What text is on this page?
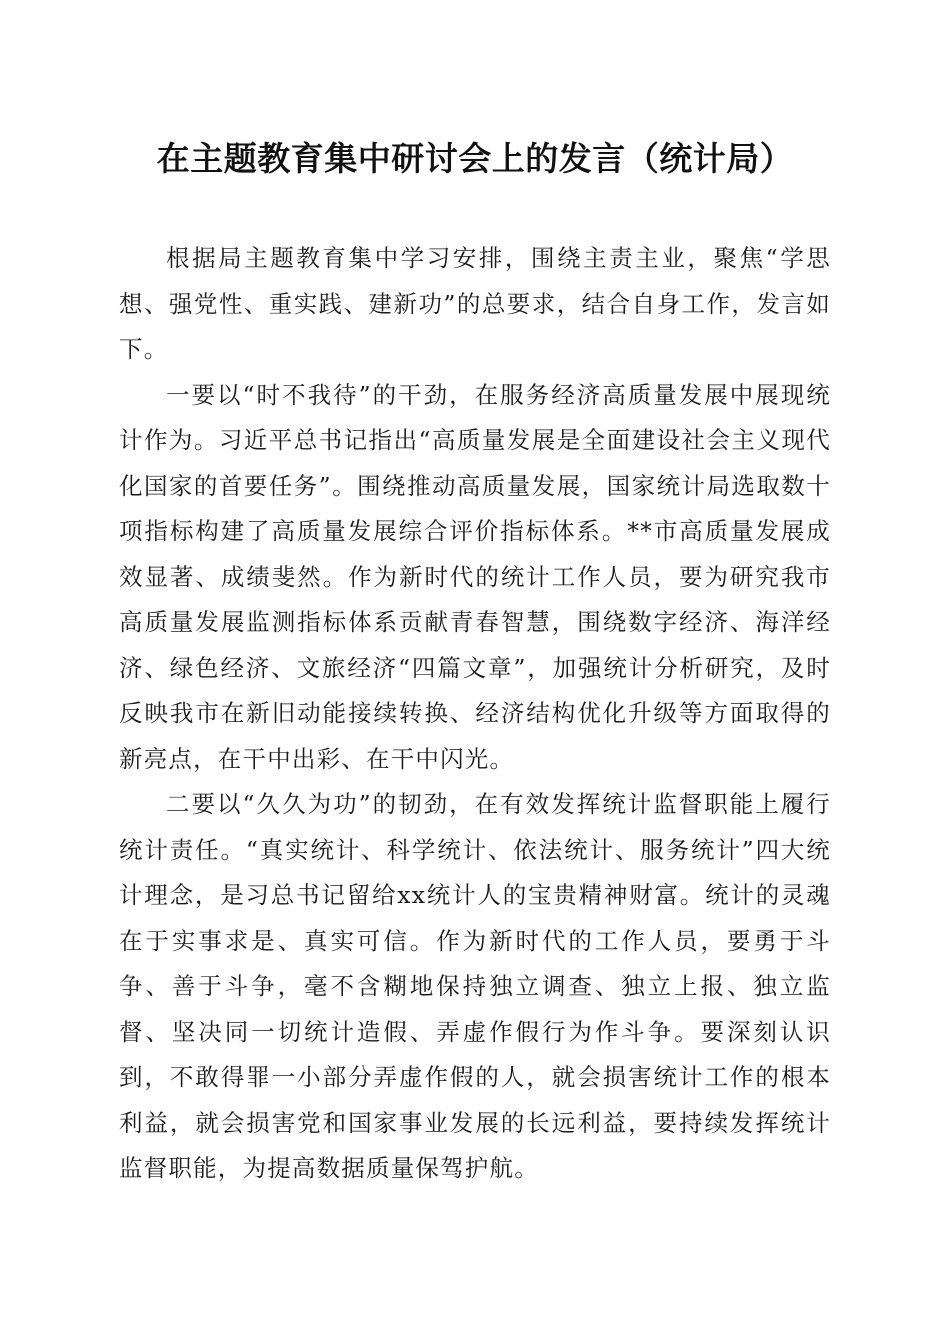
在主题教育集中研讨会上的发言（统计局）

根据局主题教育集中学习安排，围绕主责主业，聚焦“学思想、强党性、重实践、建新功”的总要求，结合自身工作，发言如下。

一要以“时不我待”的干劲，在服务经济高质量发展中展现统计作为。习近平总书记指出“高质量发展是全面建设社会主义现代化国家的首要任务”。围绕推动高质量发展，国家统计局选取数十项指标构建了高质量发展综合评价指标体系。**市高质量发展成效显著、成绩斐然。作为新时代的统计工作人员，要为研究我市高质量发展监测指标体系贡献青春智慧，围绕数字经济、海洋经济、绿色经济、文旅经济“四篇文章”，加强统计分析研究，及时反映我市在新旧动能接续转换、经济结构优化升级等方面取得的新亮点，在干中出彩、在干中闪光。

二要以“久久为功”的韧劲，在有效发挥统计监督职能上履行统计责任。“真实统计、科学统计、依法统计、服务统计”四大统计理念，是习总书记留给xx统计人的宝贵精神财富。统计的灵魂在于实事求是、真实可信。作为新时代的工作人员，要勇于斗争、善于斗争，毫不含糊地保持独立调查、独立上报、独立监督、坚决同一切统计造假、弄虚作假行为作斗争。要深刻认识到，不敢得罪一小部分弄虚作假的人，就会损害统计工作的根本利益，就会损害党和国家事业发展的长远利益，要持续发挥统计监督职能，为提高数据质量保驾护航。
